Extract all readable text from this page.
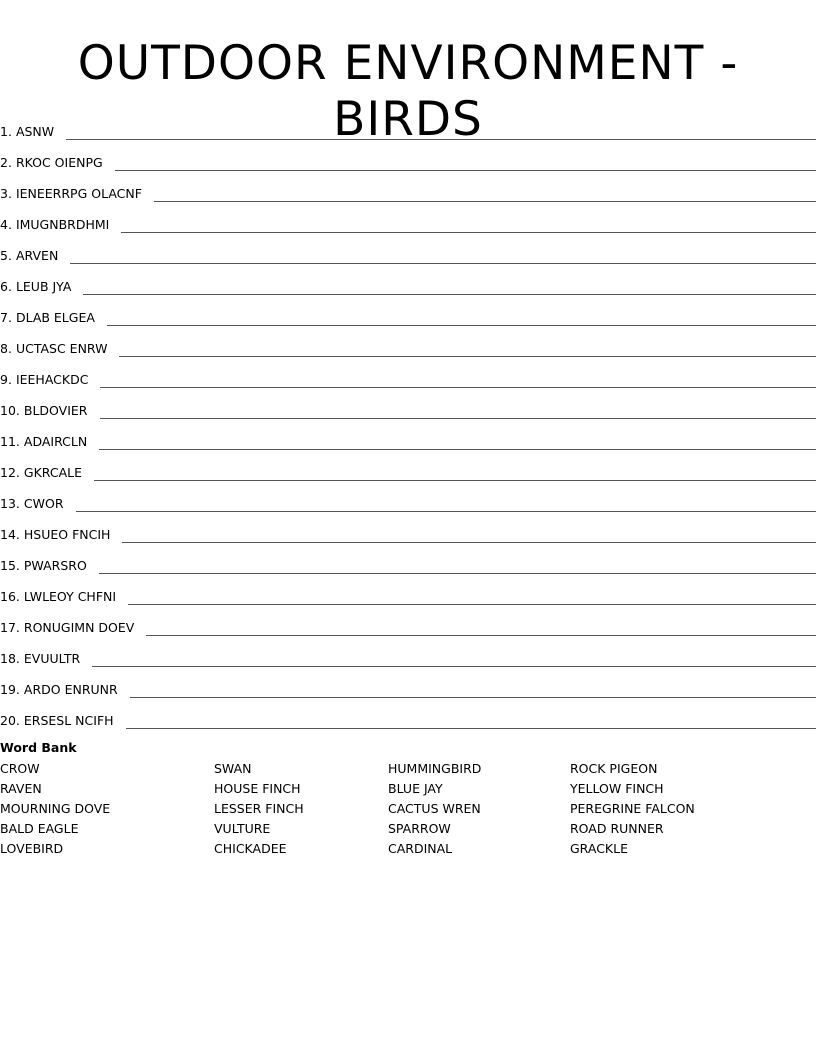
OUTDOOR ENVIRONMENT - BIRDS
1. ASNW
2. RKOC OIENPG
3. IENEERRPG OLACNF
4. IMUGNBRDHMI
5. ARVEN
6. LEUB JYA
7. DLAB ELGEA
8. UCTASC ENRW
9. IEEHACKDC
10. BLDOVIER
11. ADAIRCLN
12. GKRCALE
13. CWOR
14. HSUEO FNCIH
15. PWARSRO
16. LWLEOY CHFNI
17. RONUGIMN DOEV
18. EVUULTR
19. ARDO ENRUNR
20. ERSESL NCIFH
Word Bank
CROW
RAVEN
MOURNING DOVE
BALD EAGLE
LOVEBIRD
SWAN
HOUSE FINCH
LESSER FINCH
VULTURE
CHICKADEE
HUMMINGBIRD
BLUE JAY
CACTUS WREN
SPARROW
CARDINAL
ROCK PIGEON
YELLOW FINCH
PEREGRINE FALCON
ROAD RUNNER
GRACKLE
